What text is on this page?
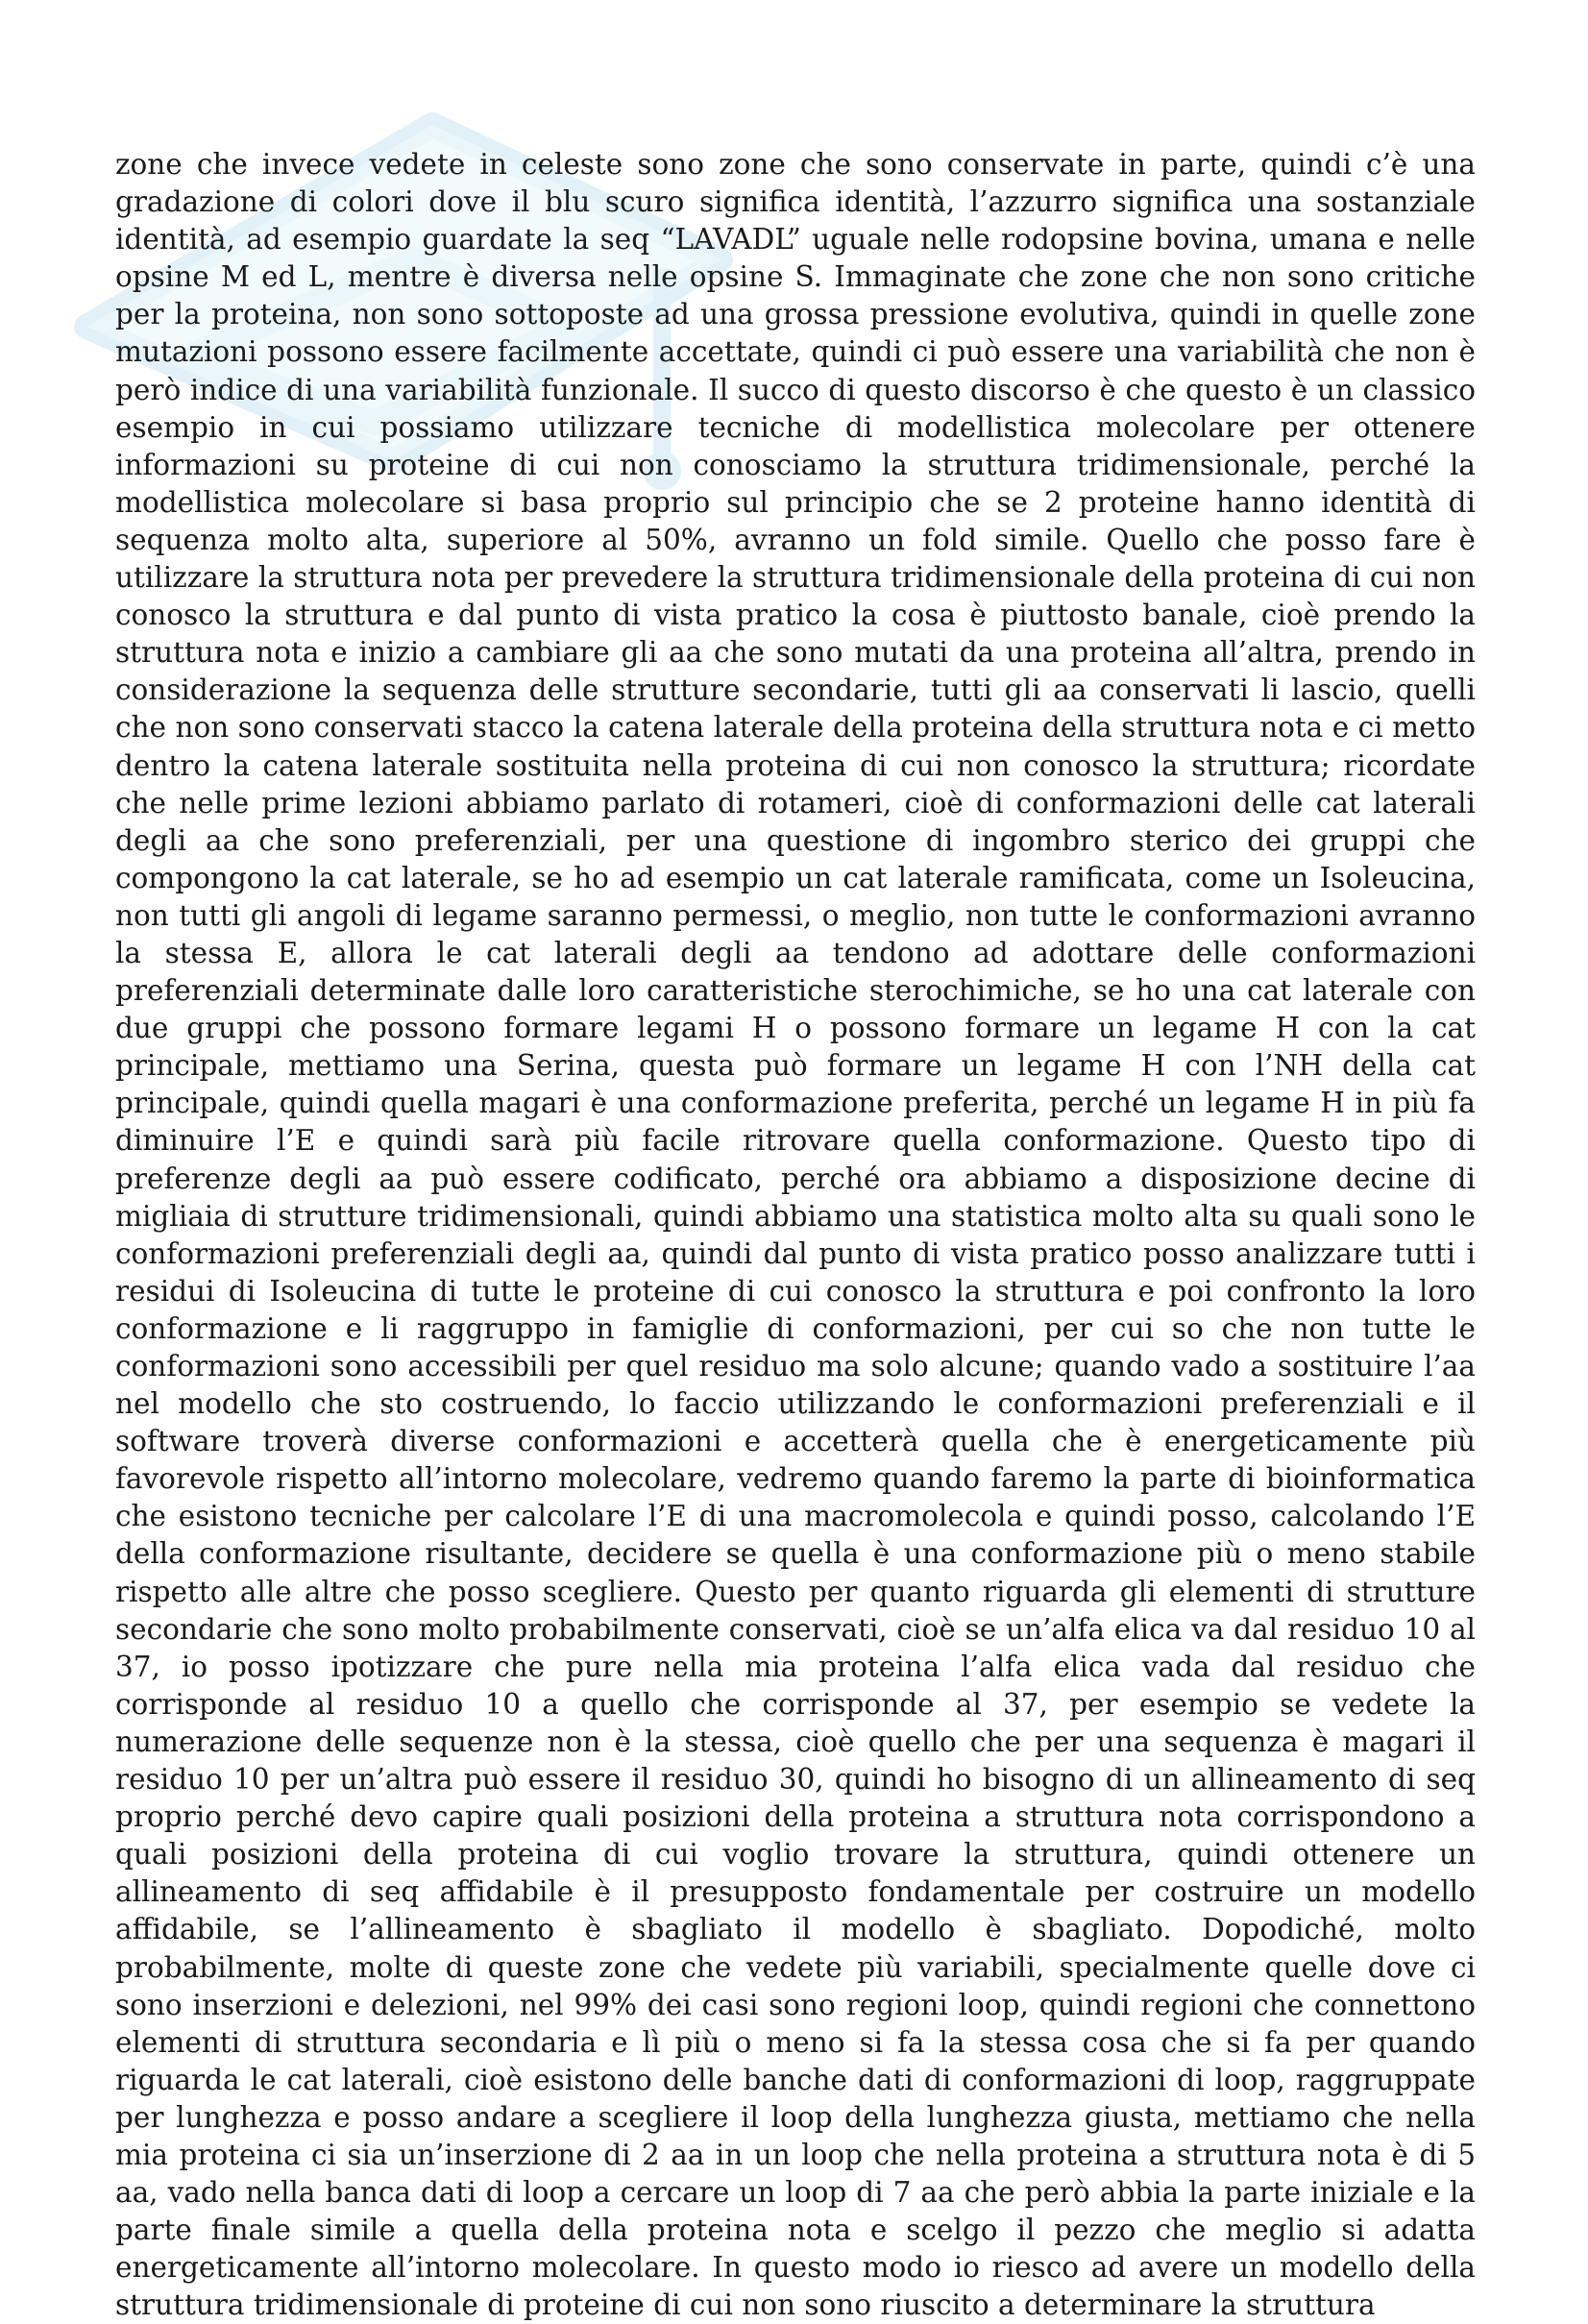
zone che invece vedete in celeste sono zone che sono conservate in parte, quindi c’è una gradazione di colori dove il blu scuro significa identità, l’azzurro significa una sostanziale identità, ad esempio guardate la seq “LAVADL” uguale nelle rodopsine bovina, umana e nelle opsine M ed L, mentre è diversa nelle opsine S. Immaginate che zone che non sono critiche per la proteina, non sono sottoposte ad una grossa pressione evolutiva, quindi in quelle zone mutazioni possono essere facilmente accettate, quindi ci può essere una variabilità che non è però indice di una variabilità funzionale. Il succo di questo discorso è che questo è un classico esempio in cui possiamo utilizzare tecniche di modellistica molecolare per ottenere informazioni su proteine di cui non conosciamo la struttura tridimensionale, perché la modellistica molecolare si basa proprio sul principio che se 2 proteine hanno identità di sequenza molto alta, superiore al 50%, avranno un fold simile. Quello che posso fare è utilizzare la struttura nota per prevedere la struttura tridimensionale della proteina di cui non conosco la struttura e dal punto di vista pratico la cosa è piuttosto banale, cioè prendo la struttura nota e inizio a cambiare gli aa che sono mutati da una proteina all’altra, prendo in considerazione la sequenza delle strutture secondarie, tutti gli aa conservati li lascio, quelli che non sono conservati stacco la catena laterale della proteina della struttura nota e ci metto dentro la catena laterale sostituita nella proteina di cui non conosco la struttura; ricordate che nelle prime lezioni abbiamo parlato di rotameri, cioè di conformazioni delle cat laterali degli aa che sono preferenziali, per una questione di ingombro sterico dei gruppi che compongono la cat laterale, se ho ad esempio un cat laterale ramificata, come un Isoleucina, non tutti gli angoli di legame saranno permessi, o meglio, non tutte le conformazioni avranno la stessa E, allora le cat laterali degli aa tendono ad adottare delle conformazioni preferenziali determinate dalle loro caratteristiche sterochimiche, se ho una cat laterale con due gruppi che possono formare legami H o possono formare un legame H con la cat principale, mettiamo una Serina, questa può formare un legame H con l’NH della cat principale, quindi quella magari è una conformazione preferita, perché un legame H in più fa diminuire l’E e quindi sarà più facile ritrovare quella conformazione. Questo tipo di preferenze degli aa può essere codificato, perché ora abbiamo a disposizione decine di migliaia di strutture tridimensionali, quindi abbiamo una statistica molto alta su quali sono le conformazioni preferenziali degli aa, quindi dal punto di vista pratico posso analizzare tutti i residui di Isoleucina di tutte le proteine di cui conosco la struttura e poi confronto la loro conformazione e li raggruppo in famiglie di conformazioni, per cui so che non tutte le conformazioni sono accessibili per quel residuo ma solo alcune; quando vado a sostituire l’aa nel modello che sto costruendo, lo faccio utilizzando le conformazioni preferenziali e il software troverà diverse conformazioni e accetterà quella che è energeticamente più favorevole rispetto all’intorno molecolare, vedremo quando faremo la parte di bioinformatica che esistono tecniche per calcolare l’E di una macromolecola e quindi posso, calcolando l’E della conformazione risultante, decidere se quella è una conformazione più o meno stabile rispetto alle altre che posso scegliere. Questo per quanto riguarda gli elementi di strutture secondarie che sono molto probabilmente conservati, cioè se un’alfa elica va dal residuo 10 al 37, io posso ipotizzare che pure nella mia proteina l’alfa elica vada dal residuo che corrisponde al residuo 10 a quello che corrisponde al 37, per esempio se vedete la numerazione delle sequenze non è la stessa, cioè quello che per una sequenza è magari il residuo 10 per un’altra può essere il residuo 30, quindi ho bisogno di un allineamento di seq proprio perché devo capire quali posizioni della proteina a struttura nota corrispondono a quali posizioni della proteina di cui voglio trovare la struttura, quindi ottenere un allineamento di seq affidabile è il presupposto fondamentale per costruire un modello affidabile, se l’allineamento è sbagliato il modello è sbagliato. Dopodiché, molto probabilmente, molte di queste zone che vedete più variabili, specialmente quelle dove ci sono inserzioni e delezioni, nel 99% dei casi sono regioni loop, quindi regioni che connettono elementi di struttura secondaria e lì più o meno si fa la stessa cosa che si fa per quando riguarda le cat laterali, cioè esistono delle banche dati di conformazioni di loop, raggruppate per lunghezza e posso andare a scegliere il loop della lunghezza giusta, mettiamo che nella mia proteina ci sia un’inserzione di 2 aa in un loop che nella proteina a struttura nota è di 5 aa, vado nella banca dati di loop a cercare un loop di 7 aa che però abbia la parte iniziale e la parte finale simile a quella della proteina nota e scelgo il pezzo che meglio si adatta energeticamente all’intorno molecolare. In questo modo io riesco ad avere un modello della struttura tridimensionale di proteine di cui non sono riuscito a determinare la struttura
